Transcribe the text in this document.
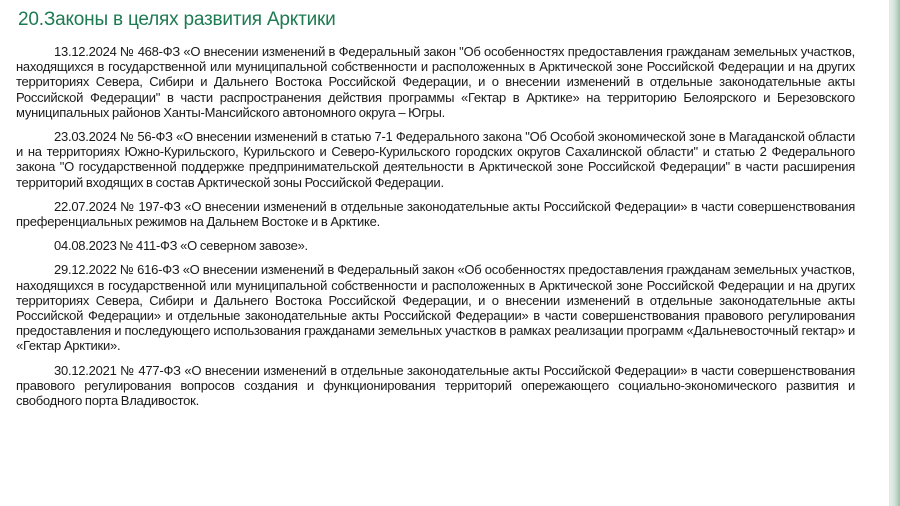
20.Законы в целях развития Арктики

13.12.2024 № 468-ФЗ «О внесении изменений в Федеральный закон "Об особенностях предоставления гражданам земельных участков, находящихся в государственной или муниципальной собственности и расположенных в Арктической зоне Российской Федерации и на других территориях Севера, Сибири и Дальнего Востока Российской Федерации, и о внесении изменений в отдельные законодательные акты Российской Федерации" в части распространения действия программы «Гектар в Арктике» на территорию Белоярского и Березовского муниципальных районов Ханты-Мансийского автономного округа – Югры.

23.03.2024 № 56-ФЗ «О внесении изменений в статью 7-1 Федерального закона "Об Особой экономической зоне в Магаданской области и на территориях Южно-Курильского, Курильского и Северо-Курильского городских округов Сахалинской области" и статью 2 Федерального закона "О государственной поддержке предпринимательской деятельности в Арктической зоне Российской Федерации" в части расширения территорий входящих в состав Арктической зоны Российской Федерации.

22.07.2024 № 197-ФЗ «О внесении изменений в отдельные законодательные акты Российской Федерации» в части совершенствования преференциальных режимов на Дальнем Востоке и в Арктике.

04.08.2023 № 411-ФЗ «О северном завозе».

29.12.2022 № 616-ФЗ «О внесении изменений в Федеральный закон «Об особенностях предоставления гражданам земельных участков, находящихся в государственной или муниципальной собственности и расположенных в Арктической зоне Российской Федерации и на других территориях Севера, Сибири и Дальнего Востока Российской Федерации, и о внесении изменений в отдельные законодательные акты Российской Федерации» и отдельные законодательные акты Российской Федерации» в части совершенствования правового регулирования предоставления и последующего использования гражданами земельных участков в рамках реализации программ «Дальневосточный гектар» и «Гектар Арктики».

30.12.2021 № 477-ФЗ «О внесении изменений в отдельные законодательные акты Российской Федерации» в части совершенствования правового регулирования вопросов создания и функционирования территорий опережающего социально-экономического развития и свободного порта Владивосток.
